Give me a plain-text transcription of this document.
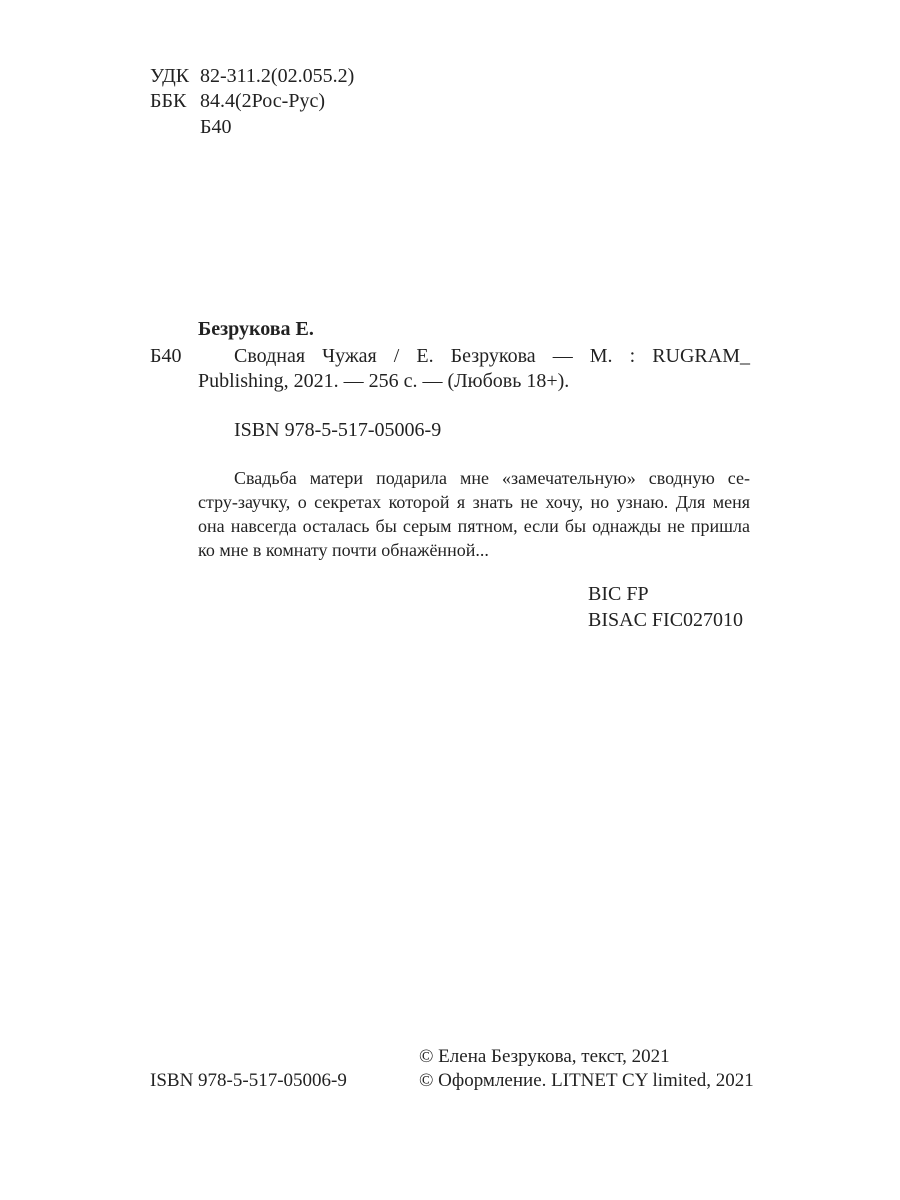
УДК 82-311.2(02.055.2)
ББК 84.4(2Рос-Рус)
Б40
Безрукова Е.
Б40	Сводная Чужая / Е. Безрукова — М. : RUGRAM_
Publishing, 2021. — 256 с. — (Любовь 18+).
ISBN 978-5-517-05006-9
Свадьба матери подарила мне «замечательную» сводную се-
стру-заучку, о секретах которой я знать не хочу, но узнаю. Для меня
она навсегда осталась бы серым пятном, если бы однажды не пришла
ко мне в комнату почти обнажённой...
BIC FP
BISAC FIC027010
ISBN 978-5-517-05006-9
© Елена Безрукова, текст, 2021
© Оформление. LITNET CY limited, 2021
